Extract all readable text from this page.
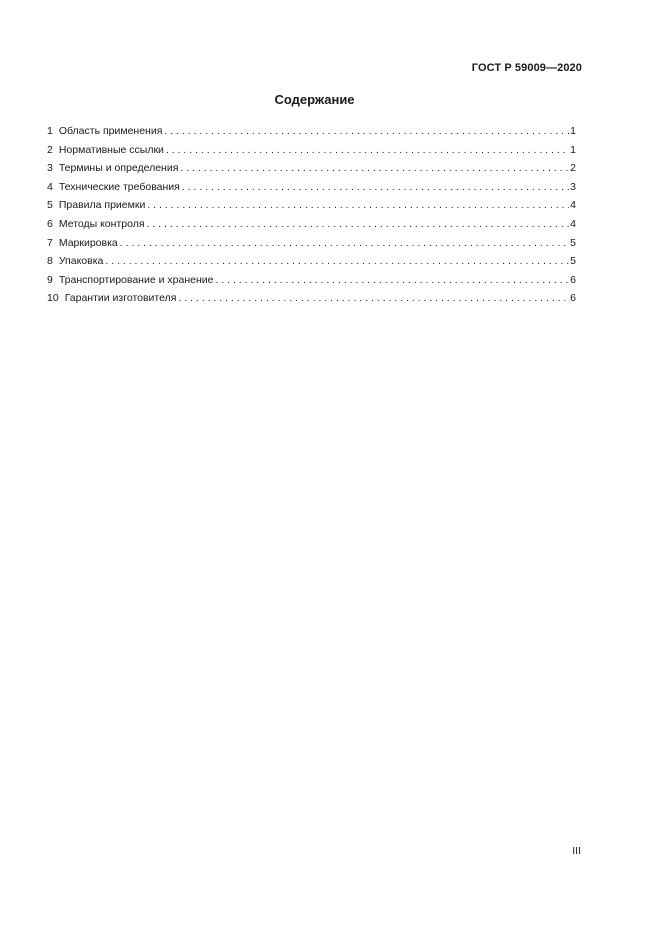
ГОСТ Р 59009—2020
Содержание
1 Область применения . . .	1
2 Нормативные ссылки . . .	1
3 Термины и определения . . .	2
4 Технические требования . . .	3
5 Правила приемки . . .	4
6 Методы контроля . . .	4
7 Маркировка . . .	5
8 Упаковка . . .	5
9 Транспортирование и хранение . . .	6
10 Гарантии изготовителя . . .	6
III
